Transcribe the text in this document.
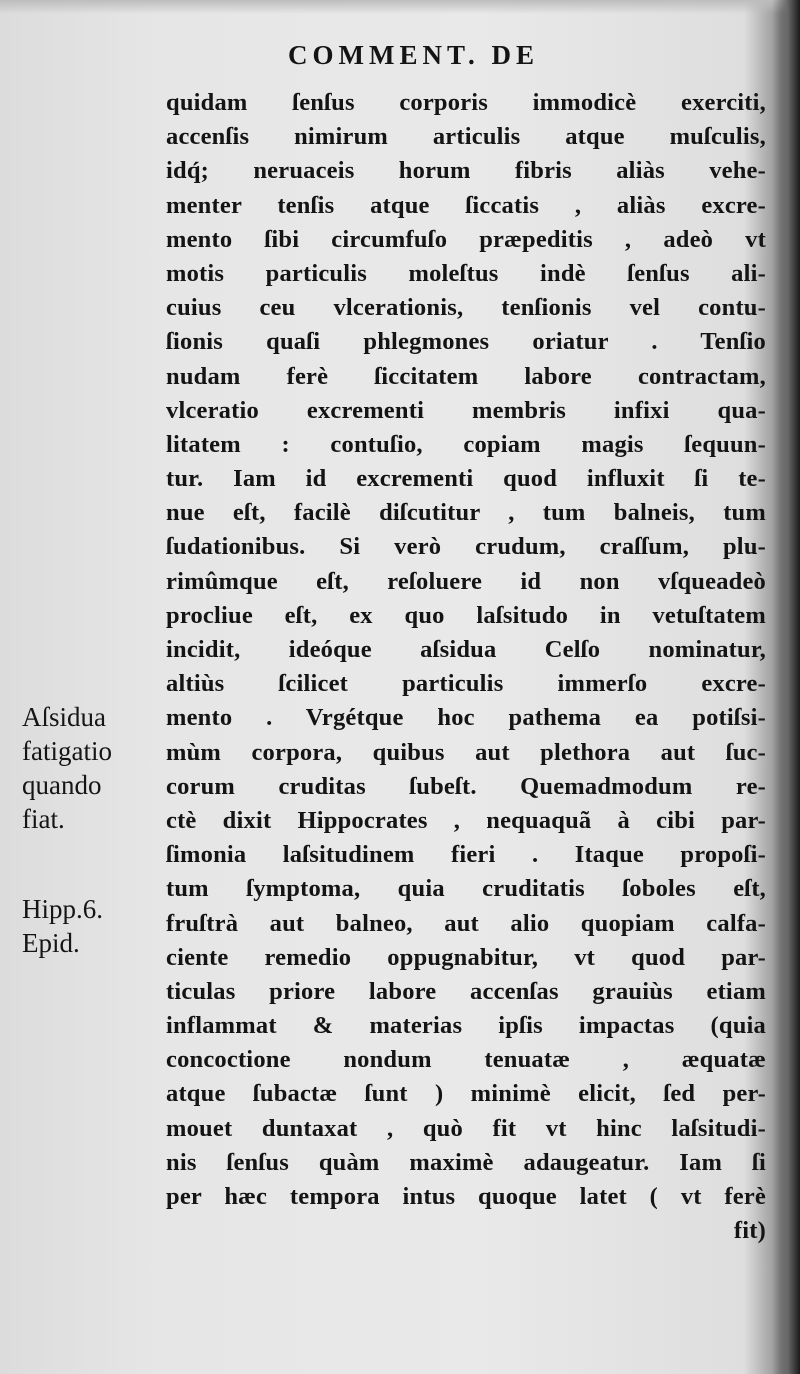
COMMENT. DE
quidam ſenſus corporis immodicè exerciti,
accenſis nimirum articulis atque muſculis,
idq́; neruaceis horum fibris aliàs vehe-
menter tenſis atque ſiccatis , aliàs excre-
mento ſibi circumfuſo præpeditis , adeò vt
motis particulis moleſtus indè ſenſus ali-
cuius ceu vlcerationis, tenſionis vel contu-
ſionis quaſi phlegmones oriatur . Tenſio
nudam ferè ſiccitatem labore contractam,
vlceratio excrementi membris infixi qua-
litatem : contuſio, copiam magis ſequun-
tur. Iam id excrementi quod influxit ſi te-
nue eſt, facilè diſcutitur , tum balneis, tum
ſudationibus. Si verò crudum, craſſum, plu-
rimûmque eſt, reſoluere id non vſqueadeò
procliue eſt, ex quo laſsitudo in vetuſtatem
incidit, ideóque aſsidua Celſo nominatur,
altiùs ſcilicet particulis immerſo excre-
mento . Vrgétque hoc pathema ea potiſsi-
mùm corpora, quibus aut plethora aut ſuc-
corum cruditas ſubeſt. Quemadmodum re-
ctè dixit Hippocrates , nequaquã à cibi par-
ſimonia laſsitudinem fieri . Itaque propoſi-
tum ſymptoma, quia cruditatis ſoboles eſt,
fruſtrà aut balneo, aut alio quopiam calfa-
ciente remedio oppugnabitur, vt quod par-
ticulas priore labore accenſas grauiùs etiam
inflammat & materias ipſis impactas (quia
concoctione nondum tenuatæ , æquatæ
atque ſubactæ ſunt ) minimè elicit, ſed per-
mouet duntaxat , quò fit vt hinc laſsitudi-
nis ſenſus quàm maximè adaugeatur. Iam ſi
per hæc tempora intus quoque latet ( vt ferè
fit)
Aſsidua
fatigatio
quando
fiat.
Hipp.6.
Epid.
